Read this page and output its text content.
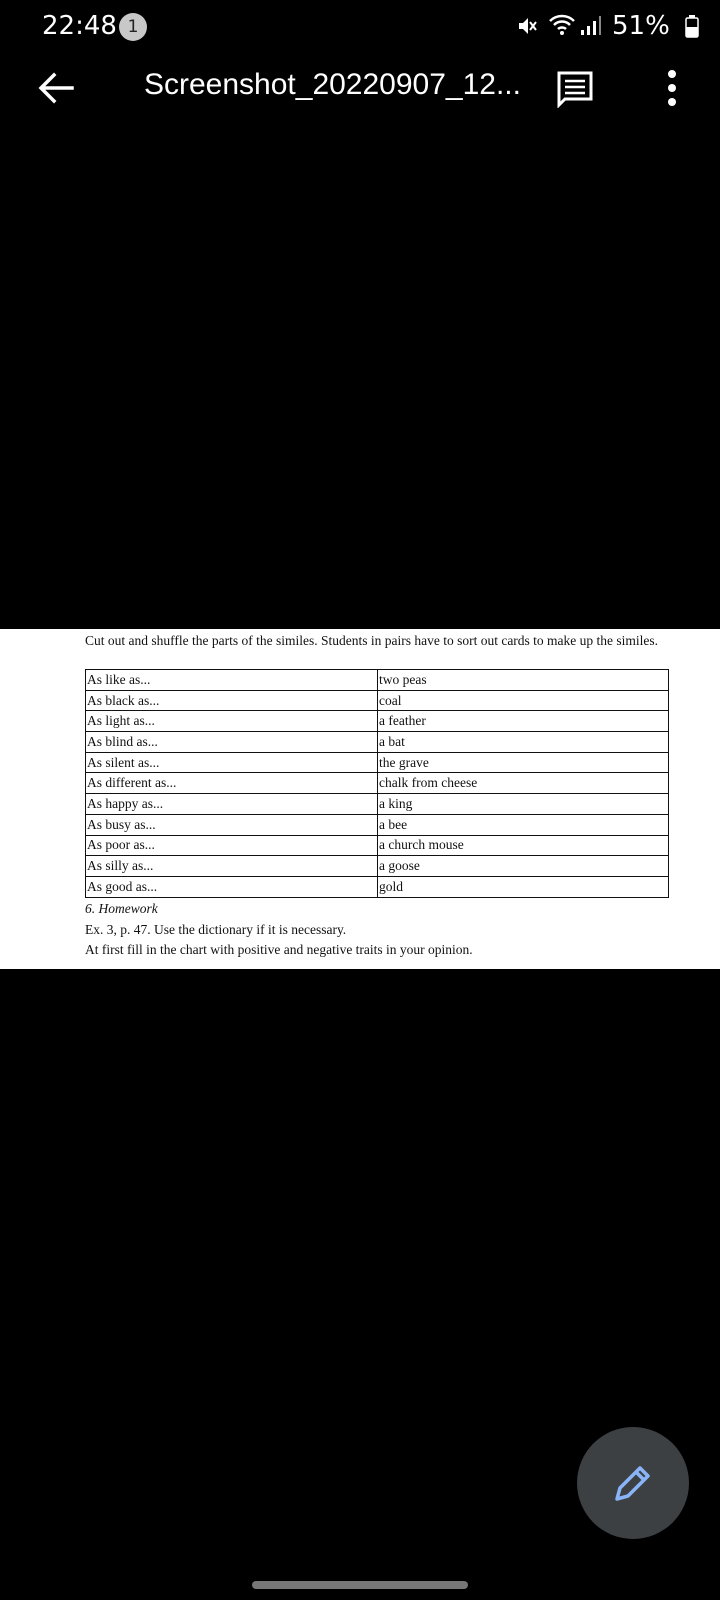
22:48 1	51%
Screenshot_20220907_12...
Cut out and shuffle the parts of the similes. Students in pairs have to sort out cards to make up the similes.
As like as...	two peas
As black as...	coal
As light as...	a feather
As blind as...	a bat
As silent as...	the grave
As different as...	chalk from cheese
As happy as...	a king
As busy as...	a bee
As poor as...	a church mouse
As silly as...	a goose
As good as...	gold
6. Homework
Ex. 3, p. 47. Use the dictionary if it is necessary.
At first fill in the chart with positive and negative traits in your opinion.
